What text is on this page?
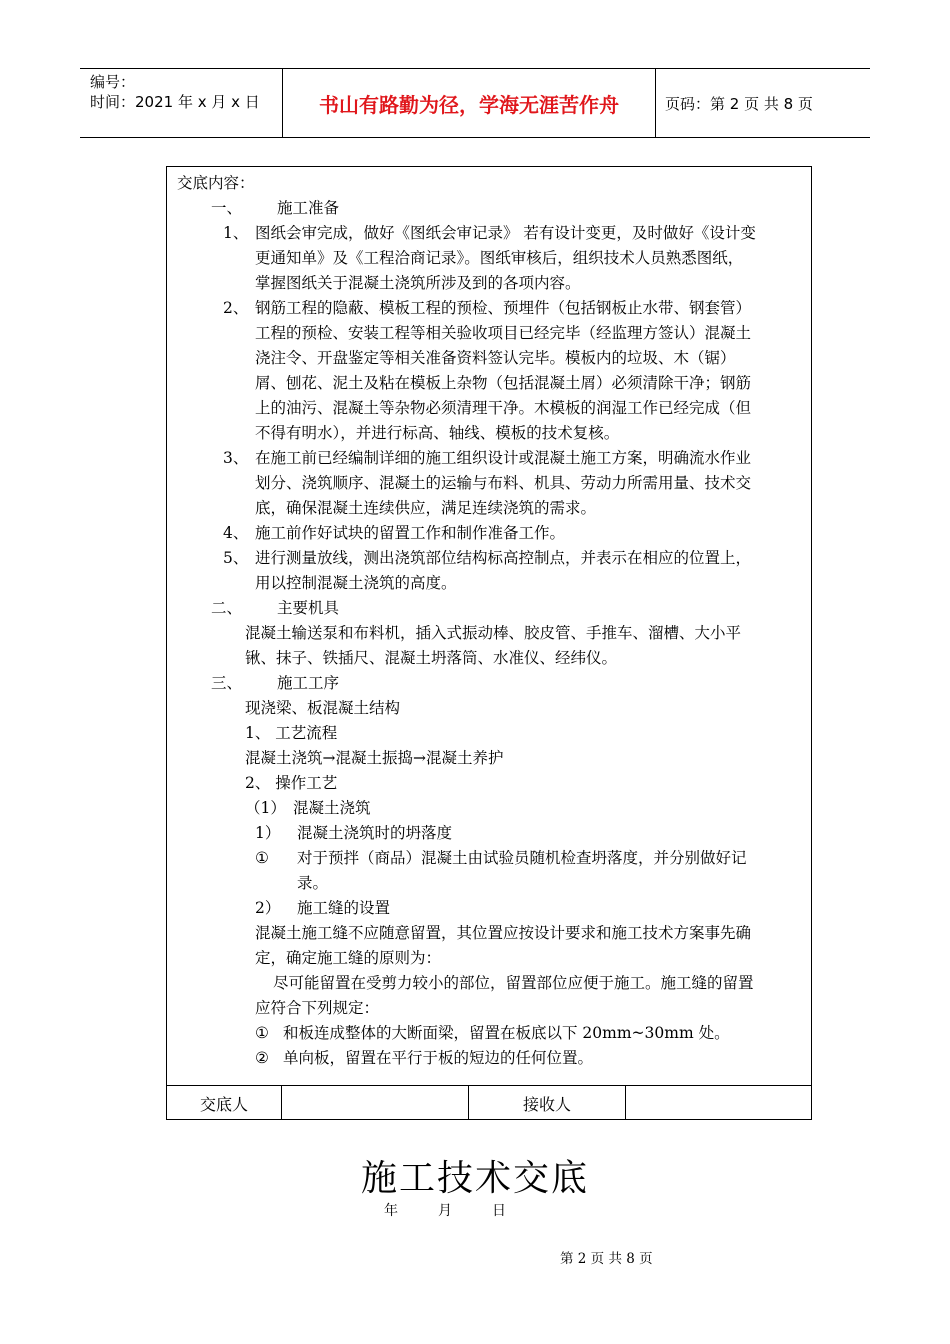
编号：
时间：2021 年 x 月 x 日	书山有路勤为径，学海无涯苦作舟	页码：第 2 页 共 8 页
交底内容：
一、 施工准备
1、 图纸会审完成，做好《图纸会审记录》 若有设计变更，及时做好《设计变
更通知单》及《工程洽商记录》。图纸审核后，组织技术人员熟悉图纸，
掌握图纸关于混凝土浇筑所涉及到的各项内容。
2、 钢筋工程的隐蔽、模板工程的预检、预埋件（包括钢板止水带、钢套管）
工程的预检、安装工程等相关验收项目已经完毕（经监理方签认）混凝土
浇注令、开盘鉴定等相关准备资料签认完毕。模板内的垃圾、木（锯）
屑、刨花、泥土及粘在模板上杂物（包括混凝土屑）必须清除干净；钢筋
上的油污、混凝土等杂物必须清理干净。木模板的润湿工作已经完成（但
不得有明水），并进行标高、轴线、模板的技术复核。
3、 在施工前已经编制详细的施工组织设计或混凝土施工方案，明确流水作业
划分、浇筑顺序、混凝土的运输与布料、机具、劳动力所需用量、技术交
底，确保混凝土连续供应，满足连续浇筑的需求。
4、 施工前作好试块的留置工作和制作准备工作。
5、 进行测量放线，测出浇筑部位结构标高控制点，并表示在相应的位置上，
用以控制混凝土浇筑的高度。
二、 主要机具
混凝土输送泵和布料机，插入式振动棒、胶皮管、手推车、溜槽、大小平
锹、抹子、铁插尺、混凝土坍落筒、水准仪、经纬仪。
三、 施工工序
现浇梁、板混凝土结构
1、 工艺流程
混凝土浇筑→混凝土振捣→混凝土养护
2、 操作工艺
（1） 混凝土浇筑
1） 混凝土浇筑时的坍落度
① 对于预拌（商品）混凝土由试验员随机检查坍落度，并分别做好记
录。
2） 施工缝的设置
混凝土施工缝不应随意留置，其位置应按设计要求和施工技术方案事先确
定，确定施工缝的原则为：
尽可能留置在受剪力较小的部位，留置部位应便于施工。施工缝的留置
应符合下列规定：
① 和板连成整体的大断面梁，留置在板底以下 20mm~30mm 处。
② 单向板，留置在平行于板的短边的任何位置。
交底人	接收人
施工技术交底
年	月	日
第 2 页 共 8 页
